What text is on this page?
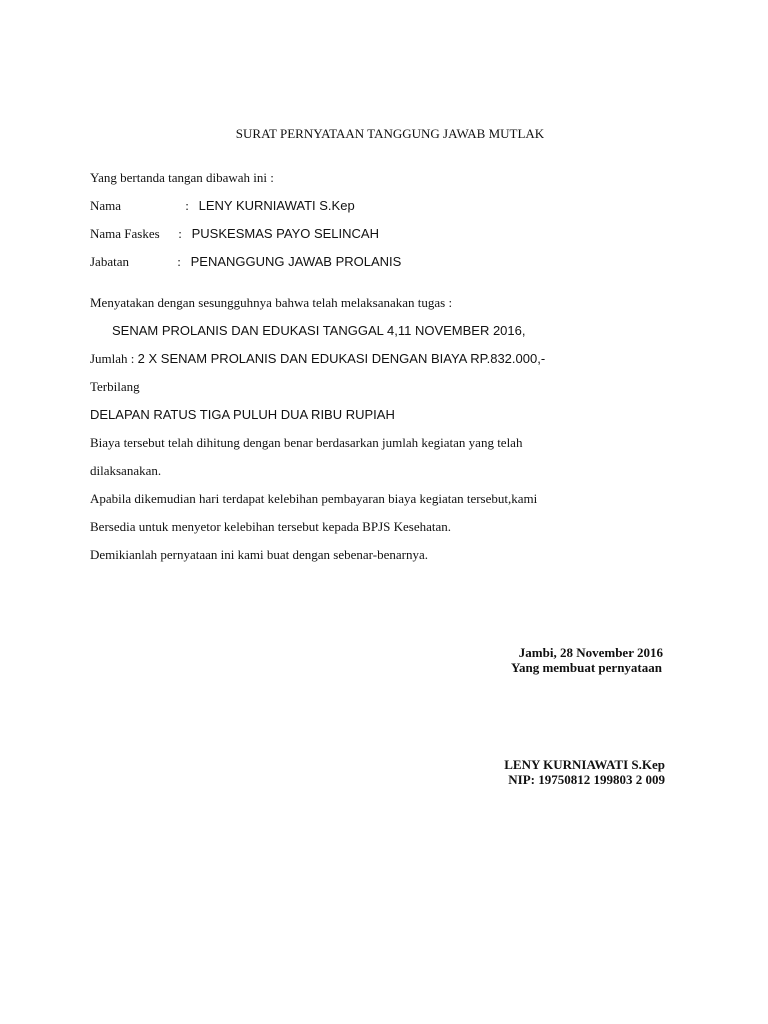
SURAT PERNYATAAN TANGGUNG JAWAB MUTLAK
Yang bertanda tangan dibawah ini :
Nama	: LENY KURNIAWATI S.Kep
Nama Faskes : PUSKESMAS PAYO SELINCAH
Jabatan	: PENANGGUNG JAWAB PROLANIS
Menyatakan dengan sesungguhnya bahwa telah melaksanakan tugas :
SENAM PROLANIS DAN EDUKASI TANGGAL 4,11 NOVEMBER 2016,
Jumlah : 2 X SENAM PROLANIS DAN EDUKASI DENGAN BIAYA RP.832.000,-
Terbilang
DELAPAN RATUS TIGA PULUH DUA RIBU RUPIAH
Biaya tersebut telah dihitung dengan benar berdasarkan jumlah kegiatan yang telah
dilaksanakan.
Apabila dikemudian hari terdapat kelebihan pembayaran biaya kegiatan tersebut,kami
Bersedia untuk menyetor kelebihan tersebut kepada BPJS Kesehatan.
Demikianlah pernyataan ini kami buat dengan sebenar-benarnya.
Jambi, 28 November 2016
Yang membuat pernyataan
LENY KURNIAWATI S.Kep
NIP: 19750812 199803 2 009
